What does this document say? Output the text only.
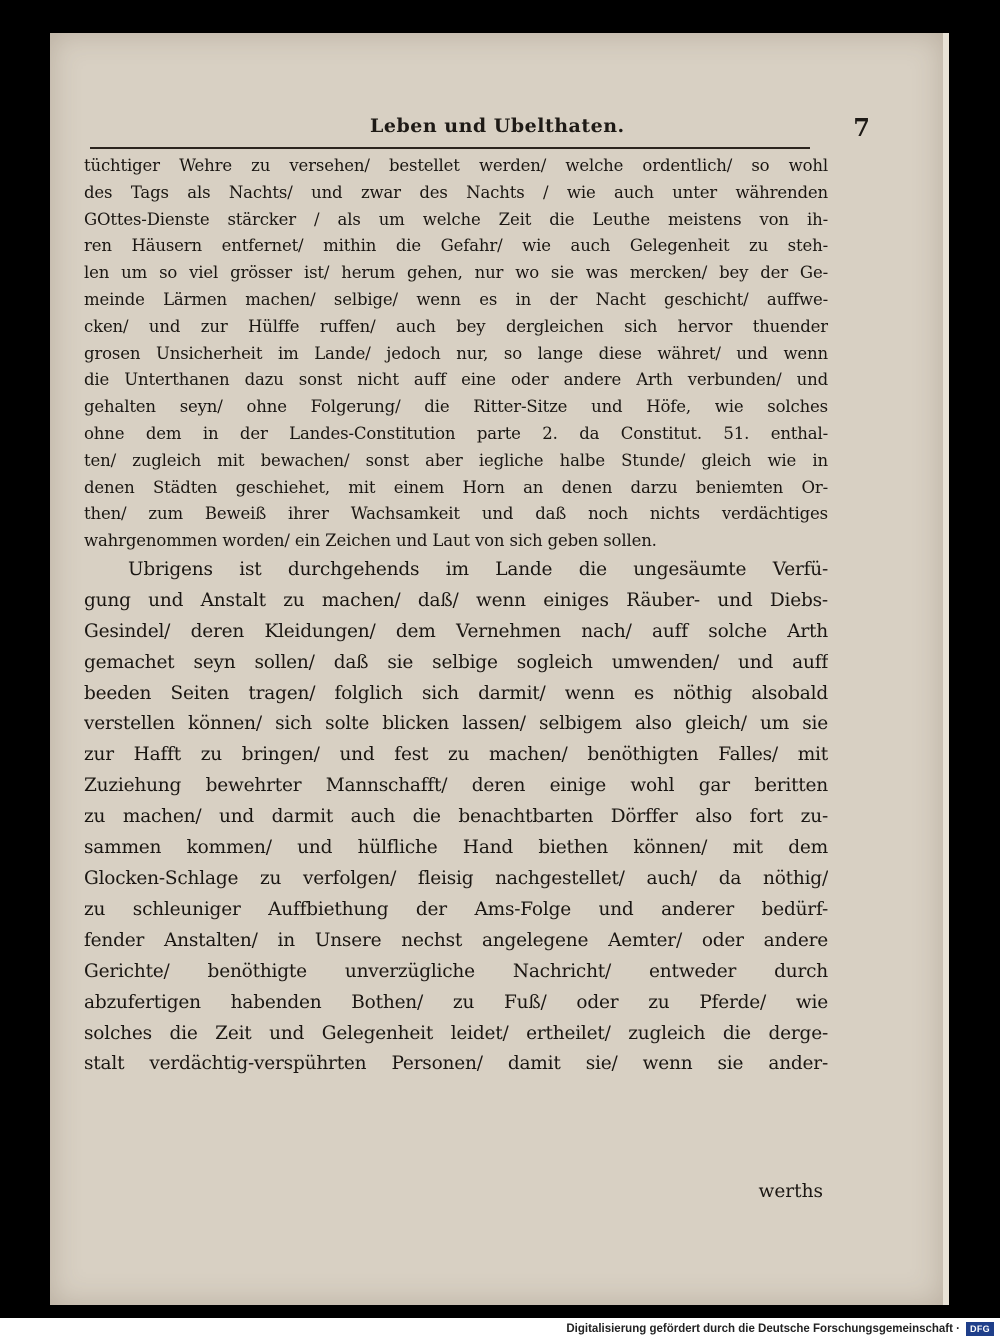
Leben und Ubelthaten.	7
tüchtiger Wehre zu versehen/ bestellet werden/ welche ordentlich/ so wohl
des Tags als Nachts/ und zwar des Nachts / wie auch unter währenden
GOttes-Dienste stärcker / als um welche Zeit die Leuthe meistens von ih-
ren Häusern entfernet/ mithin die Gefahr/ wie auch Gelegenheit zu steh-
len um so viel grösser ist/ herum gehen, nur wo sie was mercken/ bey der Ge-
meinde Lärmen machen/ selbige/ wenn es in der Nacht geschicht/ auffwe-
cken/ und zur Hülffe ruffen/ auch bey dergleichen sich hervor thuender
grosen Unsicherheit im Lande/ jedoch nur, so lange diese währet/ und wenn
die Unterthanen dazu sonst nicht auff eine oder andere Arth verbunden/ und
gehalten seyn/ ohne Folgerung/ die Ritter-Sitze und Höfe, wie solches
ohne dem in der Landes-Constitution parte 2. da Constitut. 51. enthal-
ten/ zugleich mit bewachen/ sonst aber iegliche halbe Stunde/ gleich wie in
denen Städten geschiehet, mit einem Horn an denen darzu beniemten Or-
then/ zum Beweiß ihrer Wachsamkeit und daß noch nichts verdächtiges
wahrgenommen worden/ ein Zeichen und Laut von sich geben sollen.
Ubrigens ist durchgehends im Lande die ungesäumte Verfü-
gung und Anstalt zu machen/ daß/ wenn einiges Räuber- und Diebs-
Gesindel/ deren Kleidungen/ dem Vernehmen nach/ auff solche Arth
gemachet seyn sollen/ daß sie selbige sogleich umwenden/ und auff
beeden Seiten tragen/ folglich sich darmit/ wenn es nöthig alsobald
verstellen können/ sich solte blicken lassen/ selbigem also gleich/ um sie
zur Hafft zu bringen/ und fest zu machen/ benöthigten Falles/ mit
Zuziehung bewehrter Mannschafft/ deren einige wohl gar beritten
zu machen/ und darmit auch die benachtbarten Dörffer also fort zu-
sammen kommen/ und hülfliche Hand biethen können/ mit dem
Glocken-Schlage zu verfolgen/ fleisig nachgestellet/ auch/ da nöthig/
zu schleuniger Auffbiethung der Ams-Folge und anderer bedürf-
fender Anstalten/ in Unsere nechst angelegene Aemter/ oder andere
Gerichte/ benöthigte unverzügliche Nachricht/ entweder durch
abzufertigen habenden Bothen/ zu Fuß/ oder zu Pferde/ wie
solches die Zeit und Gelegenheit leidet/ ertheilet/ zugleich die derge-
stalt verdächtig-verspührten Personen/ damit sie/ wenn sie ander-
werths
Digitalisierung gefördert durch die Deutsche Forschungsgemeinschaft ·	DFG
